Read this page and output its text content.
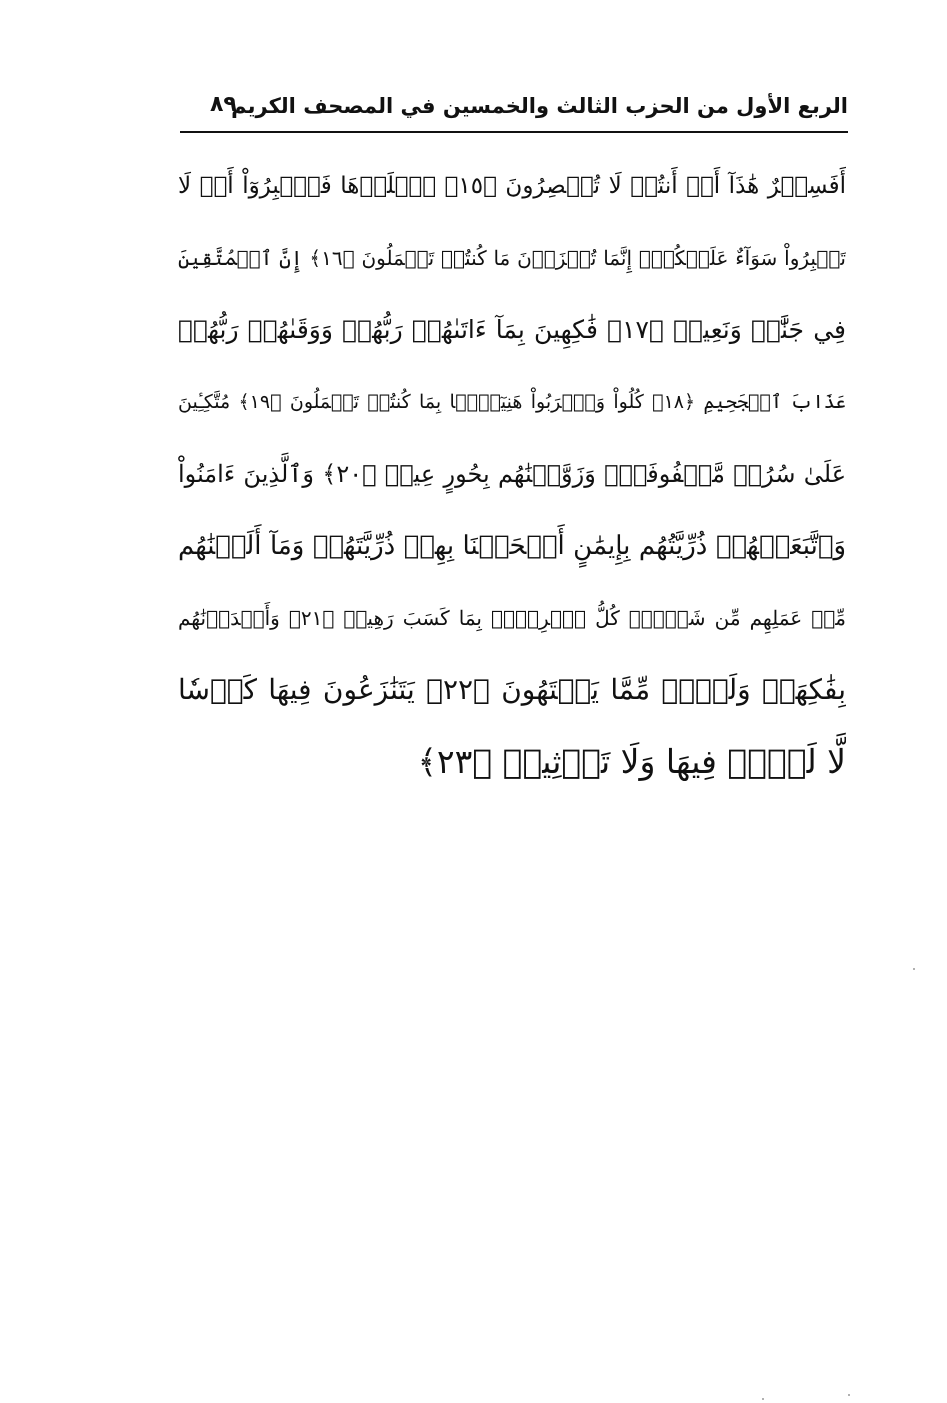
الربع الأول من الحزب الثالث والخمسين في المصحف الكريم
٨٩
أَفَسِحۡرٌ هَٰذَآ أَمۡ أَنتُمۡ لَا تُبۡصِرُونَ ﴿١٥﴾ ٱصۡلَوۡهَا فَٱصۡبِرُوٓاْ أَوۡ لَا
تَصۡبِرُواْ سَوَآءٌ عَلَيۡكُمۡۖ إِنَّمَا تُجۡزَوۡنَ مَا كُنتُمۡ تَعۡمَلُونَ ﴿١٦﴾ إِنَّ ٱلۡمُتَّقِينَ
فِي جَنَّٰتٖ وَنَعِيمٖ ﴿١٧﴾ فَٰكِهِينَ بِمَآ ءَاتَىٰهُمۡ رَبُّهُمۡ وَوَقَىٰهُمۡ رَبُّهُمۡ
عَذَابَ ٱلۡجَحِيمِ ﴿١٨﴾ كُلُواْ وَٱشۡرَبُواْ هَنِيٓـَٔۢا بِمَا كُنتُمۡ تَعۡمَلُونَ ﴿١٩﴾ مُتَّكِـِٔينَ
عَلَىٰ سُرُرٖ مَّصۡفُوفَةٖۖ وَزَوَّجۡنَٰهُم بِحُورٍ عِينٖ ﴿٢٠﴾ وَٱلَّذِينَ ءَامَنُواْ
وَٱتَّبَعَتۡهُمۡ ذُرِّيَّتُهُم بِإِيمَٰنٍ أَلۡحَقۡنَا بِهِمۡ ذُرِّيَّتَهُمۡ وَمَآ أَلَتۡنَٰهُم
مِّنۡ عَمَلِهِم مِّن شَيۡءٖۚ كُلُّ ٱمۡرِيِٕۭ بِمَا كَسَبَ رَهِينٞ ﴿٢١﴾ وَأَمۡدَدۡنَٰهُم
بِفَٰكِهَةٖ وَلَحۡمٖ مِّمَّا يَشۡتَهُونَ ﴿٢٢﴾ يَتَنَٰزَعُونَ فِيهَا كَأۡسٗا
لَّا لَغۡوٞ فِيهَا وَلَا تَأۡثِيمٞ ﴿٢٣﴾
